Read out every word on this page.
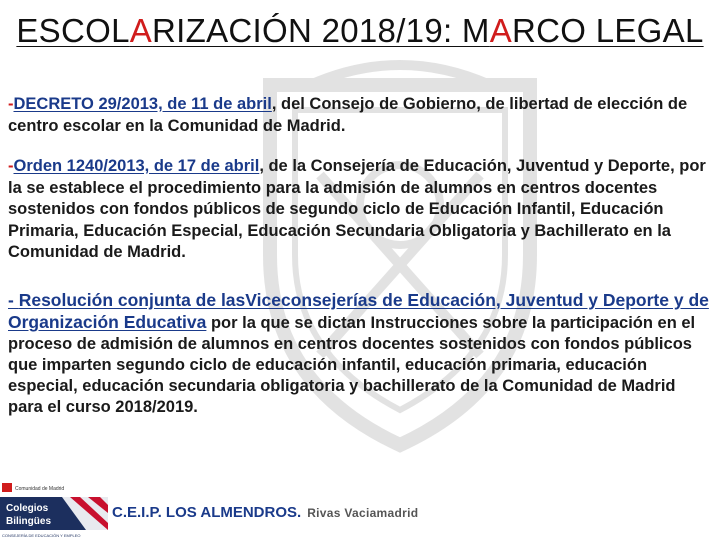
ESCOLARIZACIÓN 2018/19: MARCO LEGAL

-DECRETO 29/2013, de 11 de abril, del Consejo de Gobierno, de libertad de elección de centro escolar en la Comunidad de Madrid.

-Orden 1240/2013, de 17 de abril, de la Consejería de Educación, Juventud y Deporte, por la se establece el procedimiento para la admisión de alumnos en centros docentes sostenidos con fondos públicos de segundo ciclo de Educación Infantil, Educación Primaria, Educación Especial, Educación Secundaria Obligatoria y Bachillerato en la Comunidad de Madrid.

- Resolución conjunta de lasViceconsejerías de Educación, Juventud y Deporte y de Organización Educativa por la que se dictan Instrucciones sobre la participación en el proceso de admisión de alumnos en centros docentes sostenidos con fondos públicos que imparten segundo ciclo de educación infantil, educación primaria, educación especial, educación secundaria obligatoria y bachillerato de la Comunidad de Madrid para el curso 2018/2019.

Comunidad de Madrid
Colegios
Bilingües
CONSEJERÍA DE EDUCACIÓN Y EMPLEO
C.E.I.P. LOS ALMENDROS. Rivas Vaciamadrid
